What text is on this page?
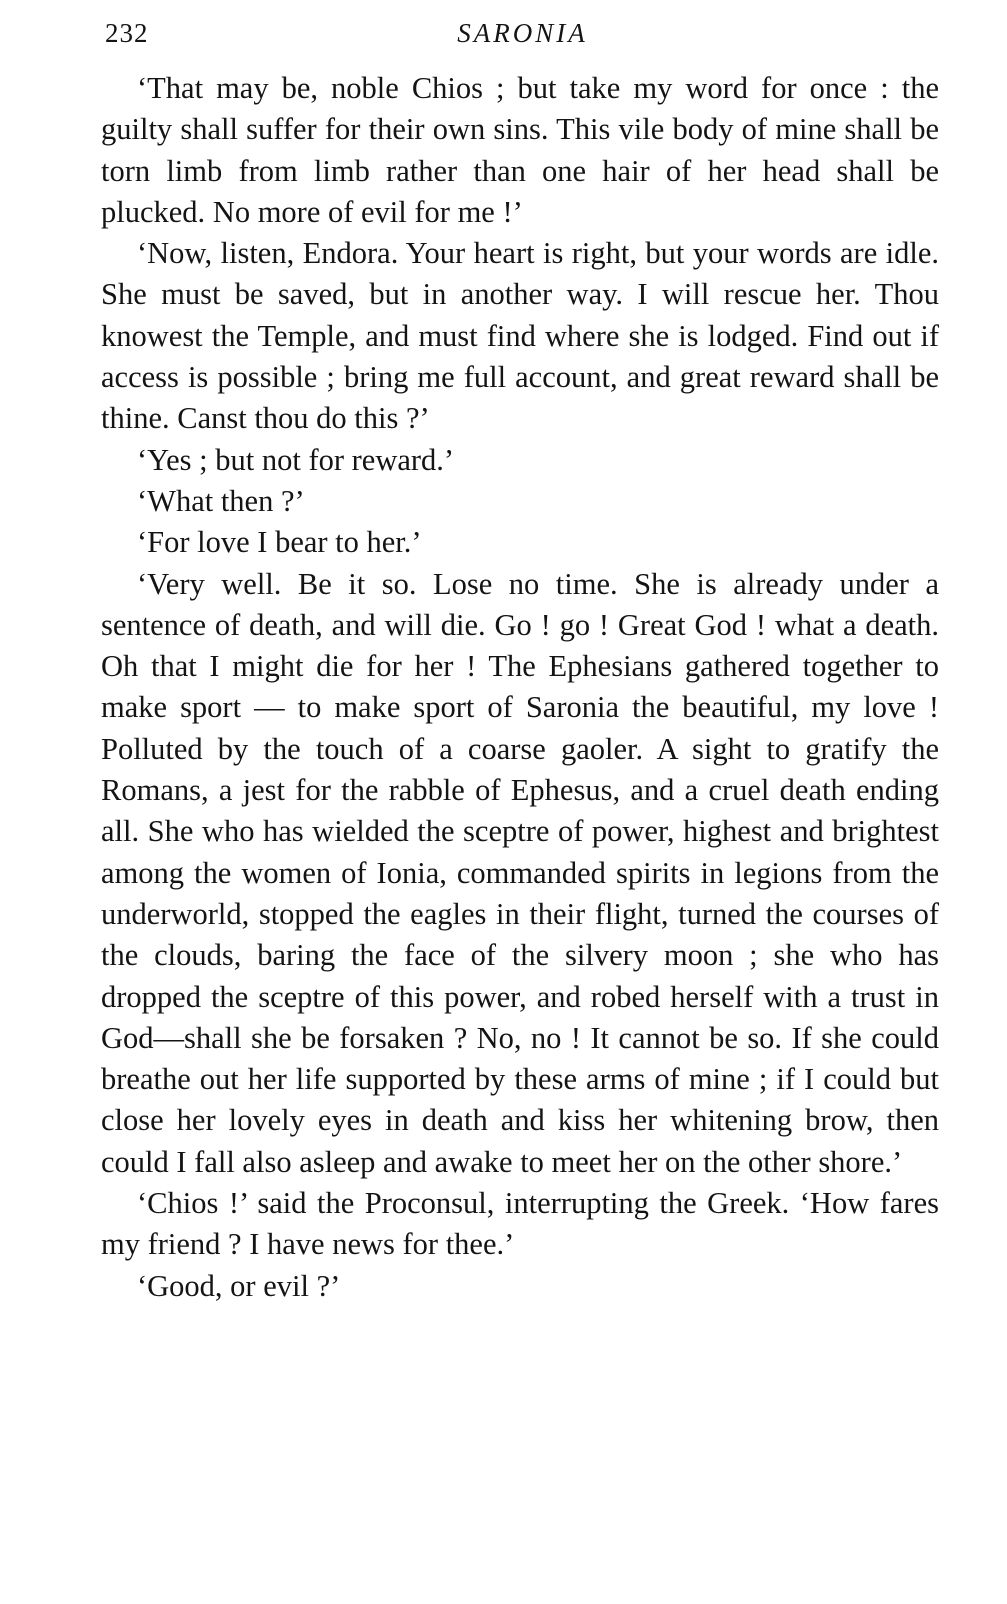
232	SARONIA

‘That may be, noble Chios ; but take my word for once : the guilty shall suffer for their own sins. This vile body of mine shall be torn limb from limb rather than one hair of her head shall be plucked. No more of evil for me !’

‘Now, listen, Endora. Your heart is right, but your words are idle. She must be saved, but in another way. I will rescue her. Thou knowest the Temple, and must find where she is lodged. Find out if access is possible ; bring me full account, and great reward shall be thine. Canst thou do this ?’

‘Yes ; but not for reward.’

‘What then ?’

‘For love I bear to her.’

‘Very well. Be it so. Lose no time. She is already under a sentence of death, and will die. Go ! go ! Great God ! what a death. Oh that I might die for her ! The Ephesians gathered together to make sport — to make sport of Saronia the beautiful, my love ! Polluted by the touch of a coarse gaoler. A sight to gratify the Romans, a jest for the rabble of Ephesus, and a cruel death ending all. She who has wielded the sceptre of power, highest and brightest among the women of Ionia, commanded spirits in legions from the underworld, stopped the eagles in their flight, turned the courses of the clouds, baring the face of the silvery moon ; she who has dropped the sceptre of this power, and robed herself with a trust in God—shall she be forsaken ? No, no ! It cannot be so. If she could breathe out her life supported by these arms of mine ; if I could but close her lovely eyes in death and kiss her whitening brow, then could I fall also asleep and awake to meet her on the other shore.’

‘Chios !’ said the Proconsul, interrupting the Greek. ‘How fares my friend ? I have news for thee.’

‘Good, or evil ?’
